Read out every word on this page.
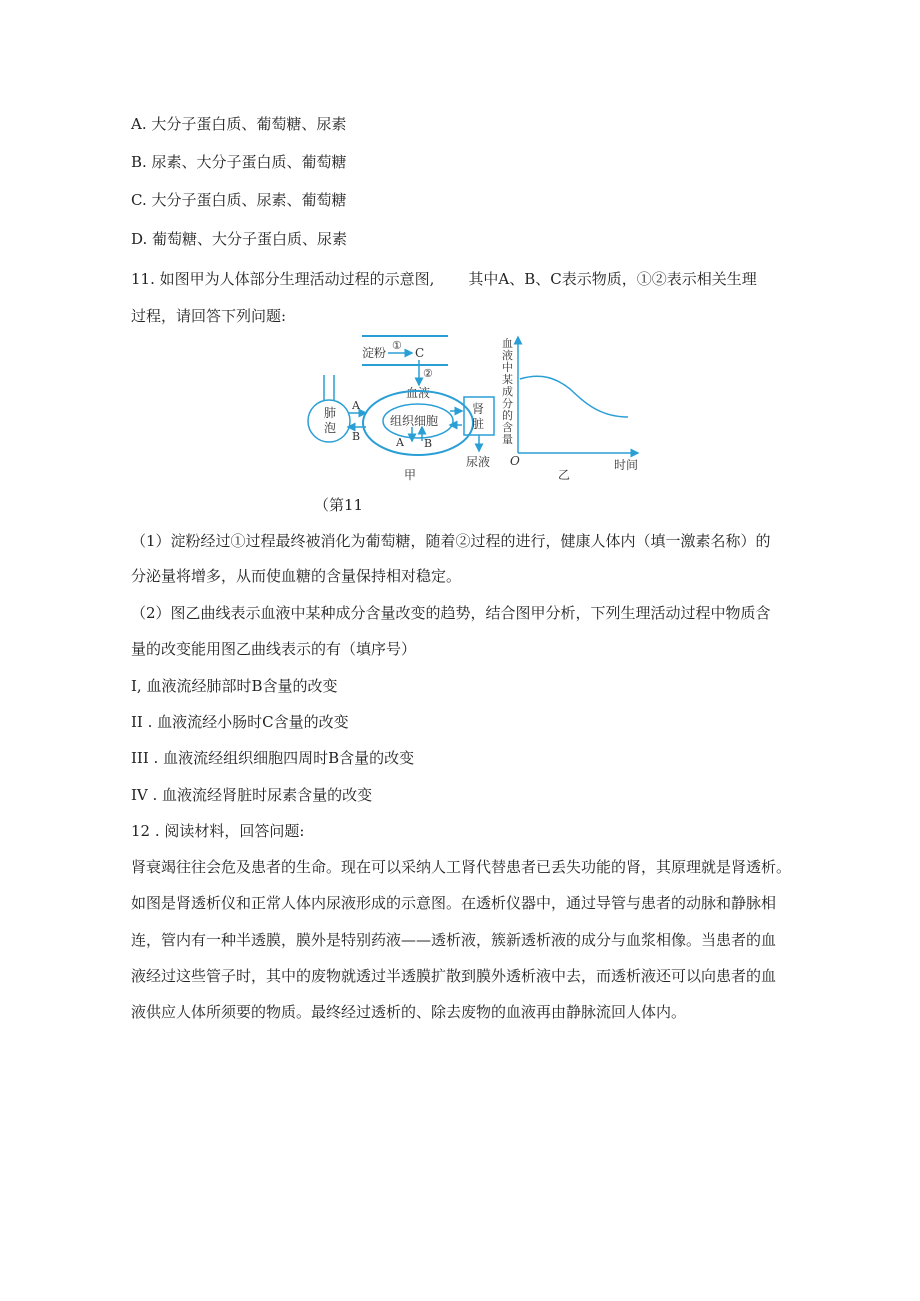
A. 大分子蛋白质、葡萄糖、尿素
B. 尿素、大分子蛋白质、葡萄糖
C. 大分子蛋白质、尿素、葡萄糖
D. 葡萄糖、大分子蛋白质、尿素
11. 如图甲为人体部分生理活动过程的示意图, 其中A、B、C表示物质，①②表示相关生理
过程，请回答下列问题:
淀粉
①
C
②
血液
组织细胞
A B
肺
泡
A
B
肾
脏
尿液
甲
血
液
中
某
成
分
的
含
量
O	时间
乙
（第11
（1）淀粉经过①过程最终被消化为葡萄糖，随着②过程的进行，健康人体内（填一激素名称）的
分泌量将增多，从而使血糖的含量保持相对稳定。
（2）图乙曲线表示血液中某种成分含量改变的趋势，结合图甲分析，下列生理活动过程中物质含
量的改变能用图乙曲线表示的有（填序号）
I, 血液流经肺部时B含量的改变
II . 血液流经小肠时C含量的改变
III . 血液流经组织细胞四周时B含量的改变
IV . 血液流经肾脏时尿素含量的改变
12 . 阅读材料，回答问题:
肾衰竭往往会危及患者的生命。现在可以采纳人工肾代替患者已丢失功能的肾，其原理就是肾透析。
如图是肾透析仪和正常人体内尿液形成的示意图。在透析仪器中，通过导管与患者的动脉和静脉相
连，管内有一种半透膜，膜外是特别药液——透析液，簇新透析液的成分与血浆相像。当患者的血
液经过这些管子时，其中的废物就透过半透膜扩散到膜外透析液中去，而透析液还可以向患者的血
液供应人体所须要的物质。最终经过透析的、除去废物的血液再由静脉流回人体内。
